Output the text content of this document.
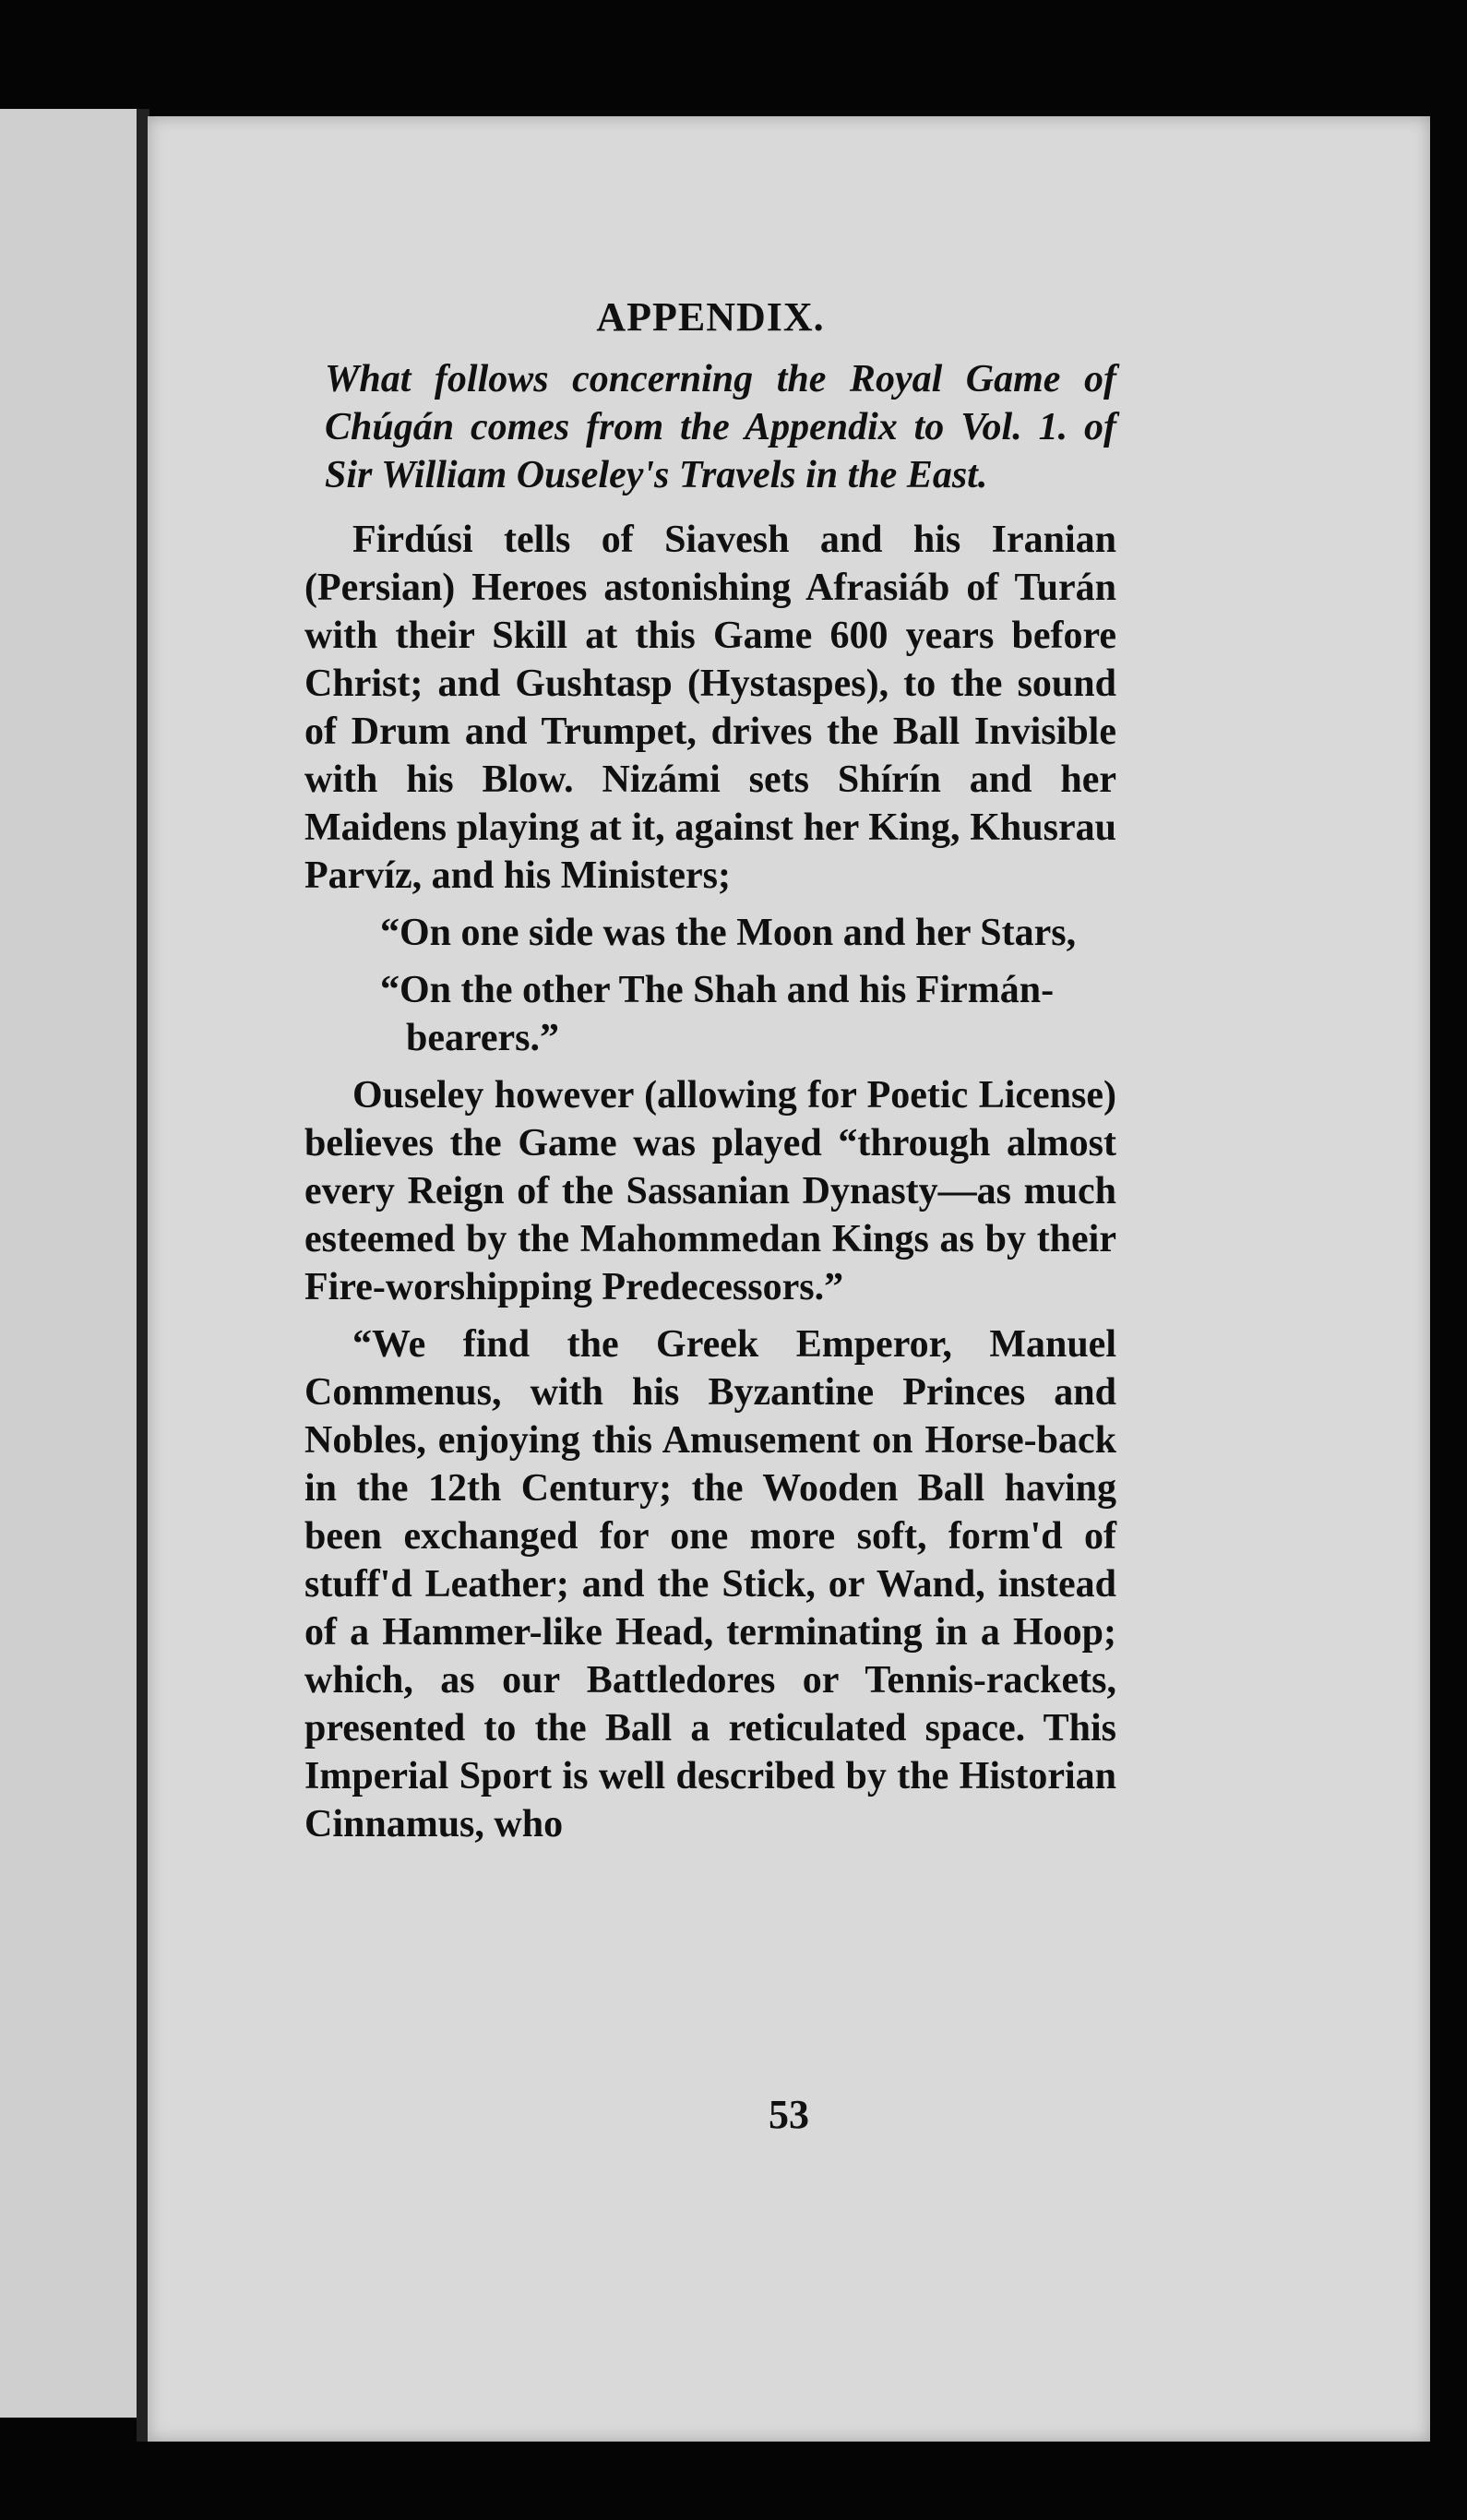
53
APPENDIX.

What follows concerning the Royal Game of Chúgán comes from the Appendix to Vol. 1. of Sir William Ouseley's Travels in the East.

Firdúsi tells of Siavesh and his Iranian (Persian) Heroes astonishing Afrasiáb of Turán with their Skill at this Game 600 years before Christ; and Gushtasp (Hystaspes), to the sound of Drum and Trumpet, drives the Ball Invisible with his Blow. Nizámi sets Shírín and her Maidens playing at it, against her King, Khusrau Parvíz, and his Ministers;

“On one side was the Moon and her Stars,

“On the other The Shah and his Firmán-bearers.”

Ouseley however (allowing for Poetic License) believes the Game was played “through almost every Reign of the Sassanian Dynasty—as much esteemed by the Mahommedan Kings as by their Fire-worshipping Predecessors.”

“We find the Greek Emperor, Manuel Commenus, with his Byzantine Princes and Nobles, enjoying this Amusement on Horse-back in the 12th Century; the Wooden Ball having been exchanged for one more soft, form'd of stuff'd Leather; and the Stick, or Wand, instead of a Hammer-like Head, terminating in a Hoop; which, as our Battledores or Tennis-rackets, presented to the Ball a reticulated space. This Imperial Sport is well described by the Historian Cinnamus, who
